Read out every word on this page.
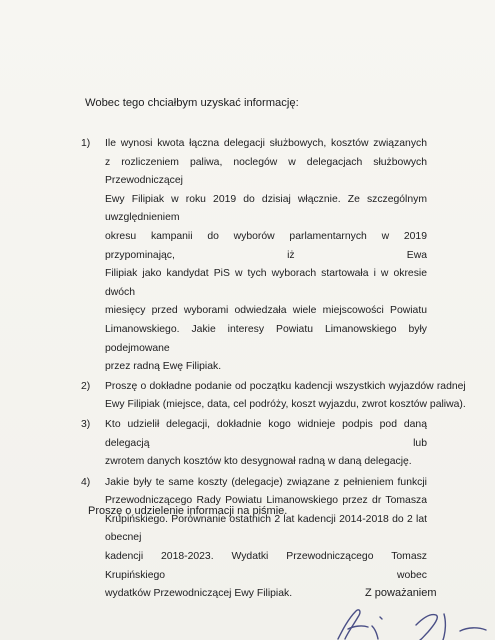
Wobec tego chciałbym uzyskać informację:
1)	Ile wynosi kwota łączna delegacji służbowych, kosztów związanych
z rozliczeniem paliwa, noclegów w delegacjach służbowych Przewodniczącej
Ewy Filipiak w roku 2019 do dzisiaj włącznie. Ze szczególnym uwzględnieniem
okresu kampanii do wyborów parlamentarnych w 2019 przypominając, iż Ewa
Filipiak jako kandydat PiS w tych wyborach startowała i w okresie dwóch
miesięcy przed wyborami odwiedzała wiele miejscowości Powiatu
Limanowskiego. Jakie interesy Powiatu Limanowskiego były podejmowane
przez radną Ewę Filipiak.
2)	Proszę o dokładne podanie od początku kadencji wszystkich wyjazdów radnej
Ewy Filipiak (miejsce, data, cel podróży, koszt wyjazdu, zwrot kosztów paliwa).
3)	Kto udzielił delegacji, dokładnie kogo widnieje podpis pod daną delegacją lub
zwrotem danych kosztów kto desygnował radną w daną delegację.
4)	Jakie były te same koszty (delegacje) związane z pełnieniem funkcji
Przewodniczącego Rady Powiatu Limanowskiego przez dr Tomasza
Krupińskiego. Porównanie ostatnich 2 lat kadencji 2014-2018 do 2 lat obecnej
kadencji 2018-2023. Wydatki Przewodniczącego Tomasz Krupińskiego wobec
wydatków Przewodniczącej Ewy Filipiak.
Proszę o udzielenie informacji na piśmie.
Z poważaniem
